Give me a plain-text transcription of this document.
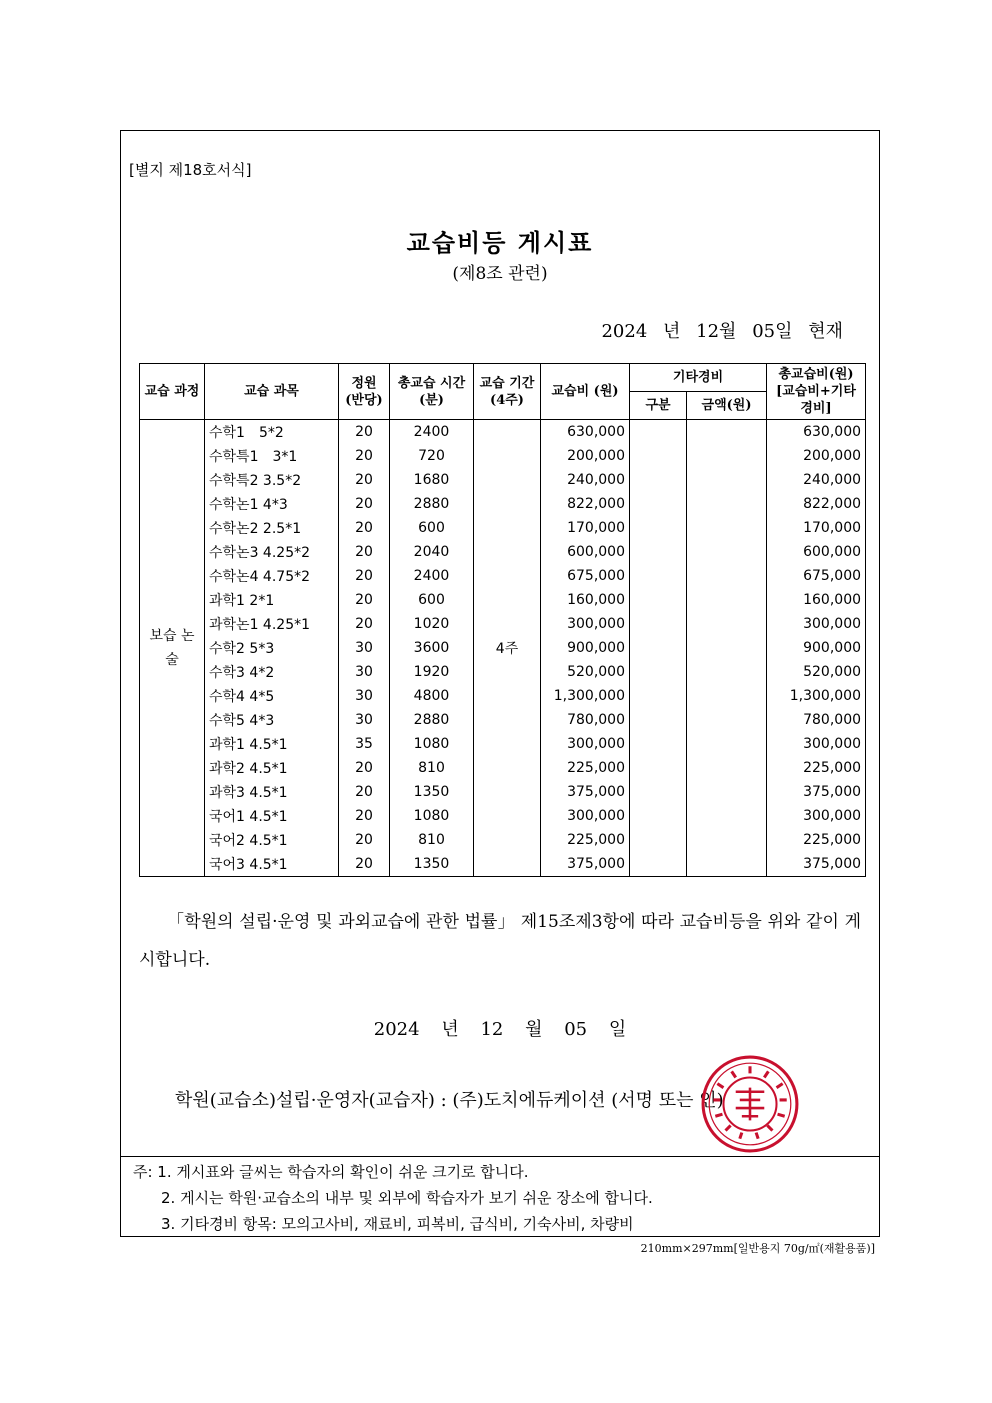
[별지 제18호서식]
교습비등 게시표
(제8조 관련)
2024 년 12월 05일 현재
교습 과정	교습 과목	정원 (반당)	총교습 시간(분)	교습 기간 (4주)	교습비 (원)	기타경비		총교습비(원) [교습비+기타 경비]
						구분	금액(원)	
보습 논술	수학1　5*2	20	2400	4주	630,000			630,000
	수학특1　3*1	20	720		200,000			200,000
	수학특2 3.5*2	20	1680		240,000			240,000
	수학논1 4*3	20	2880		822,000			822,000
	수학논2 2.5*1	20	600		170,000			170,000
	수학논3 4.25*2	20	2040		600,000			600,000
	수학논4 4.75*2	20	2400		675,000			675,000
	과학1 2*1	20	600		160,000			160,000
	과학논1 4.25*1	20	1020		300,000			300,000
	수학2 5*3	30	3600		900,000			900,000
	수학3 4*2	30	1920		520,000			520,000
	수학4 4*5	30	4800		1,300,000			1,300,000
	수학5 4*3	30	2880		780,000			780,000
	과학1 4.5*1	35	1080		300,000			300,000
	과학2 4.5*1	20	810		225,000			225,000
	과학3 4.5*1	20	1350		375,000			375,000
	국어1 4.5*1	20	1080		300,000			300,000
	국어2 4.5*1	20	810		225,000			225,000
	국어3 4.5*1	20	1350		375,000			375,000
「학원의 설립·운영 및 과외교습에 관한 법률」 제15조제3항에 따라 교습비등을 위와 같이 게시합니다.
2024 년 12 월 05 일
학원(교습소)설립·운영자(교습자) : (주)도치에듀케이션 (서명 또는 인)
주: 1. 게시표와 글씨는 학습자의 확인이 쉬운 크기로 합니다.
2. 게시는 학원·교습소의 내부 및 외부에 학습자가 보기 쉬운 장소에 합니다.
3. 기타경비 항목: 모의고사비, 재료비, 피복비, 급식비, 기숙사비, 차량비
210mm×297mm[일반용지 70g/㎡(재활용품)]
